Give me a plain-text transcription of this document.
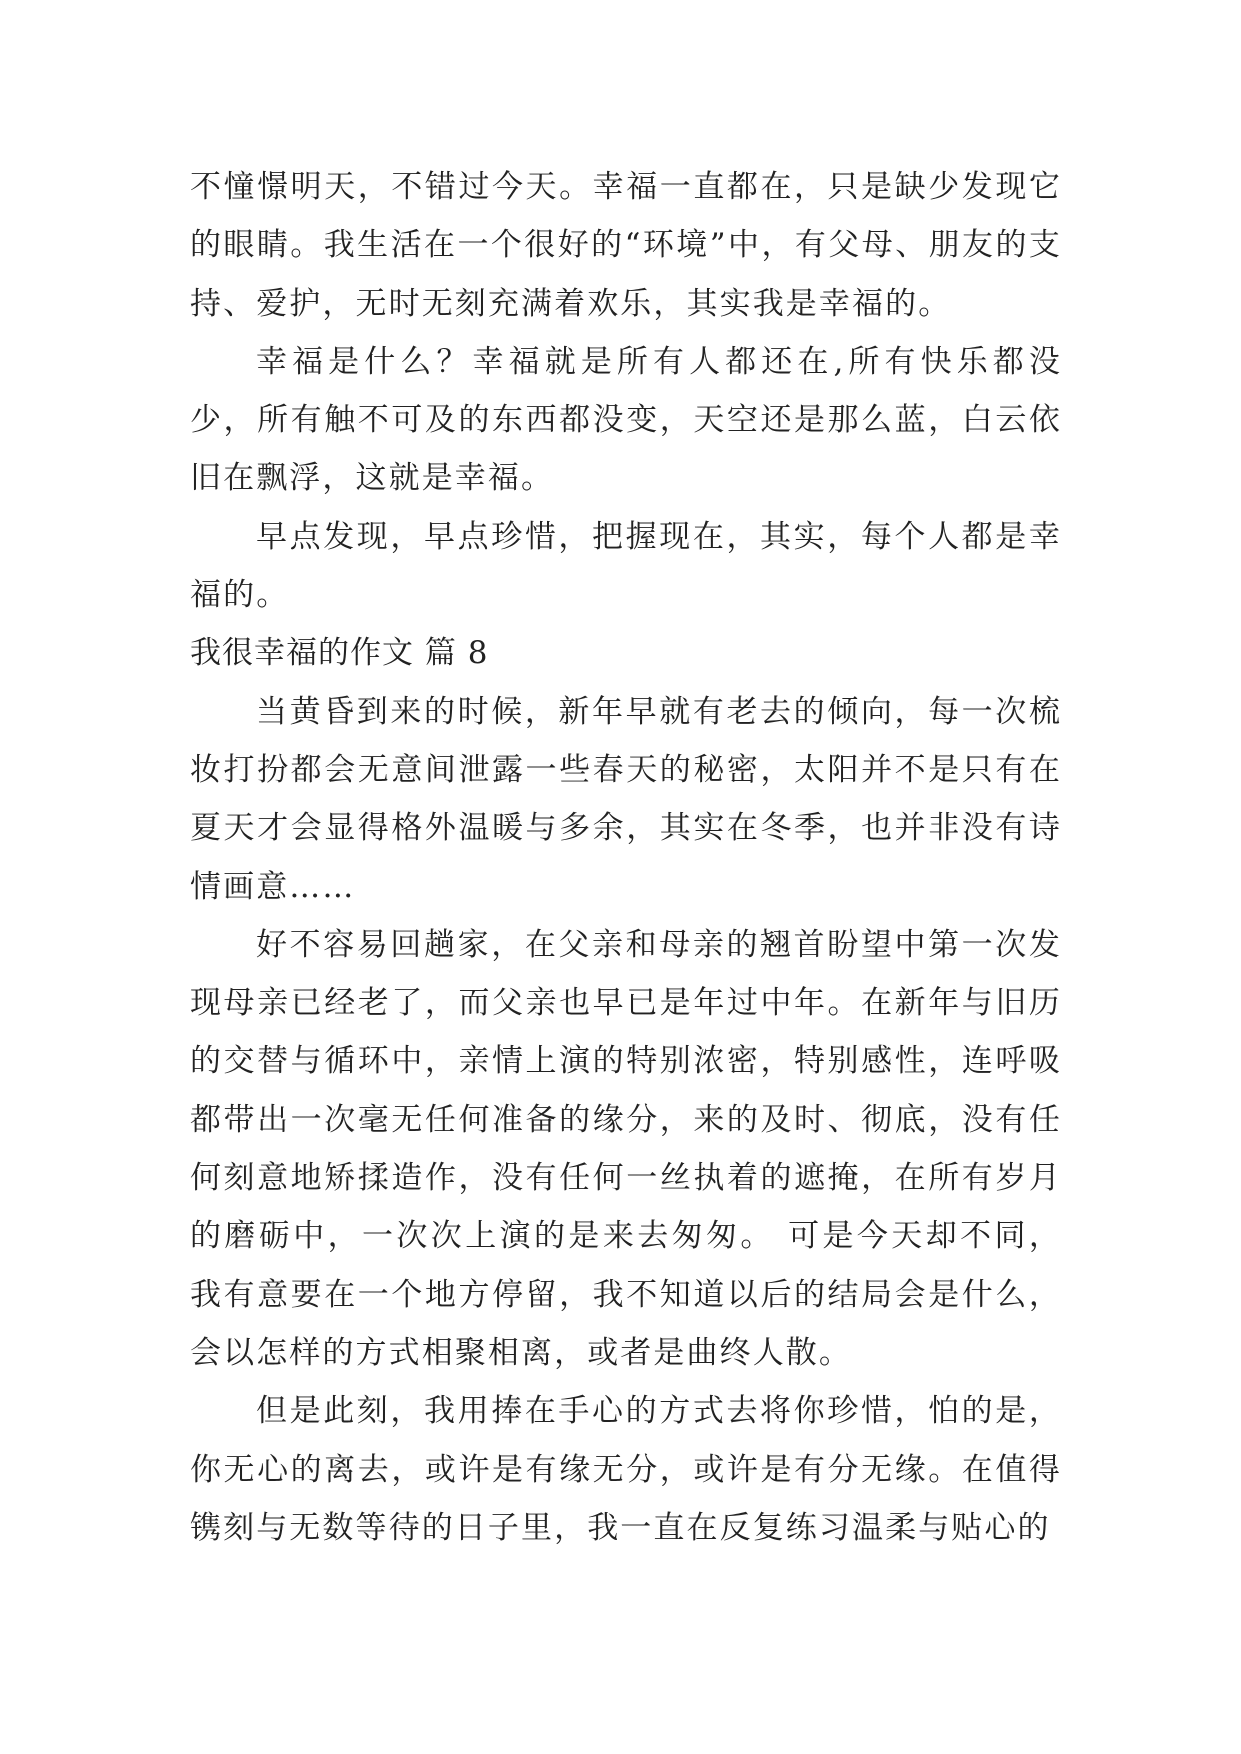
不憧憬明天，不错过今天。幸福一直都在，只是缺少发现它的眼睛。我生活在一个很好的“环境”中，有父母、朋友的支持、爱护，无时无刻充满着欢乐，其实我是幸福的。

幸福是什么？幸福就是所有人都还在,所有快乐都没少，所有触不可及的东西都没变，天空还是那么蓝，白云依旧在飘浮，这就是幸福。

早点发现，早点珍惜，把握现在，其实，每个人都是幸福的。

我很幸福的作文 篇 8

当黄昏到来的时候，新年早就有老去的倾向，每一次梳妆打扮都会无意间泄露一些春天的秘密，太阳并不是只有在夏天才会显得格外温暖与多余，其实在冬季，也并非没有诗情画意……

好不容易回趟家，在父亲和母亲的翘首盼望中第一次发现母亲已经老了，而父亲也早已是年过中年。在新年与旧历的交替与循环中，亲情上演的特别浓密，特别感性，连呼吸都带出一次毫无任何准备的缘分，来的及时、彻底，没有任何刻意地矫揉造作，没有任何一丝执着的遮掩，在所有岁月的磨砺中，一次次上演的是来去匆匆。 可是今天却不同，我有意要在一个地方停留，我不知道以后的结局会是什么，会以怎样的方式相聚相离，或者是曲终人散。

但是此刻，我用捧在手心的方式去将你珍惜，怕的是，你无心的离去，或许是有缘无分，或许是有分无缘。在值得镌刻与无数等待的日子里，我一直在反复练习温柔与贴心的
